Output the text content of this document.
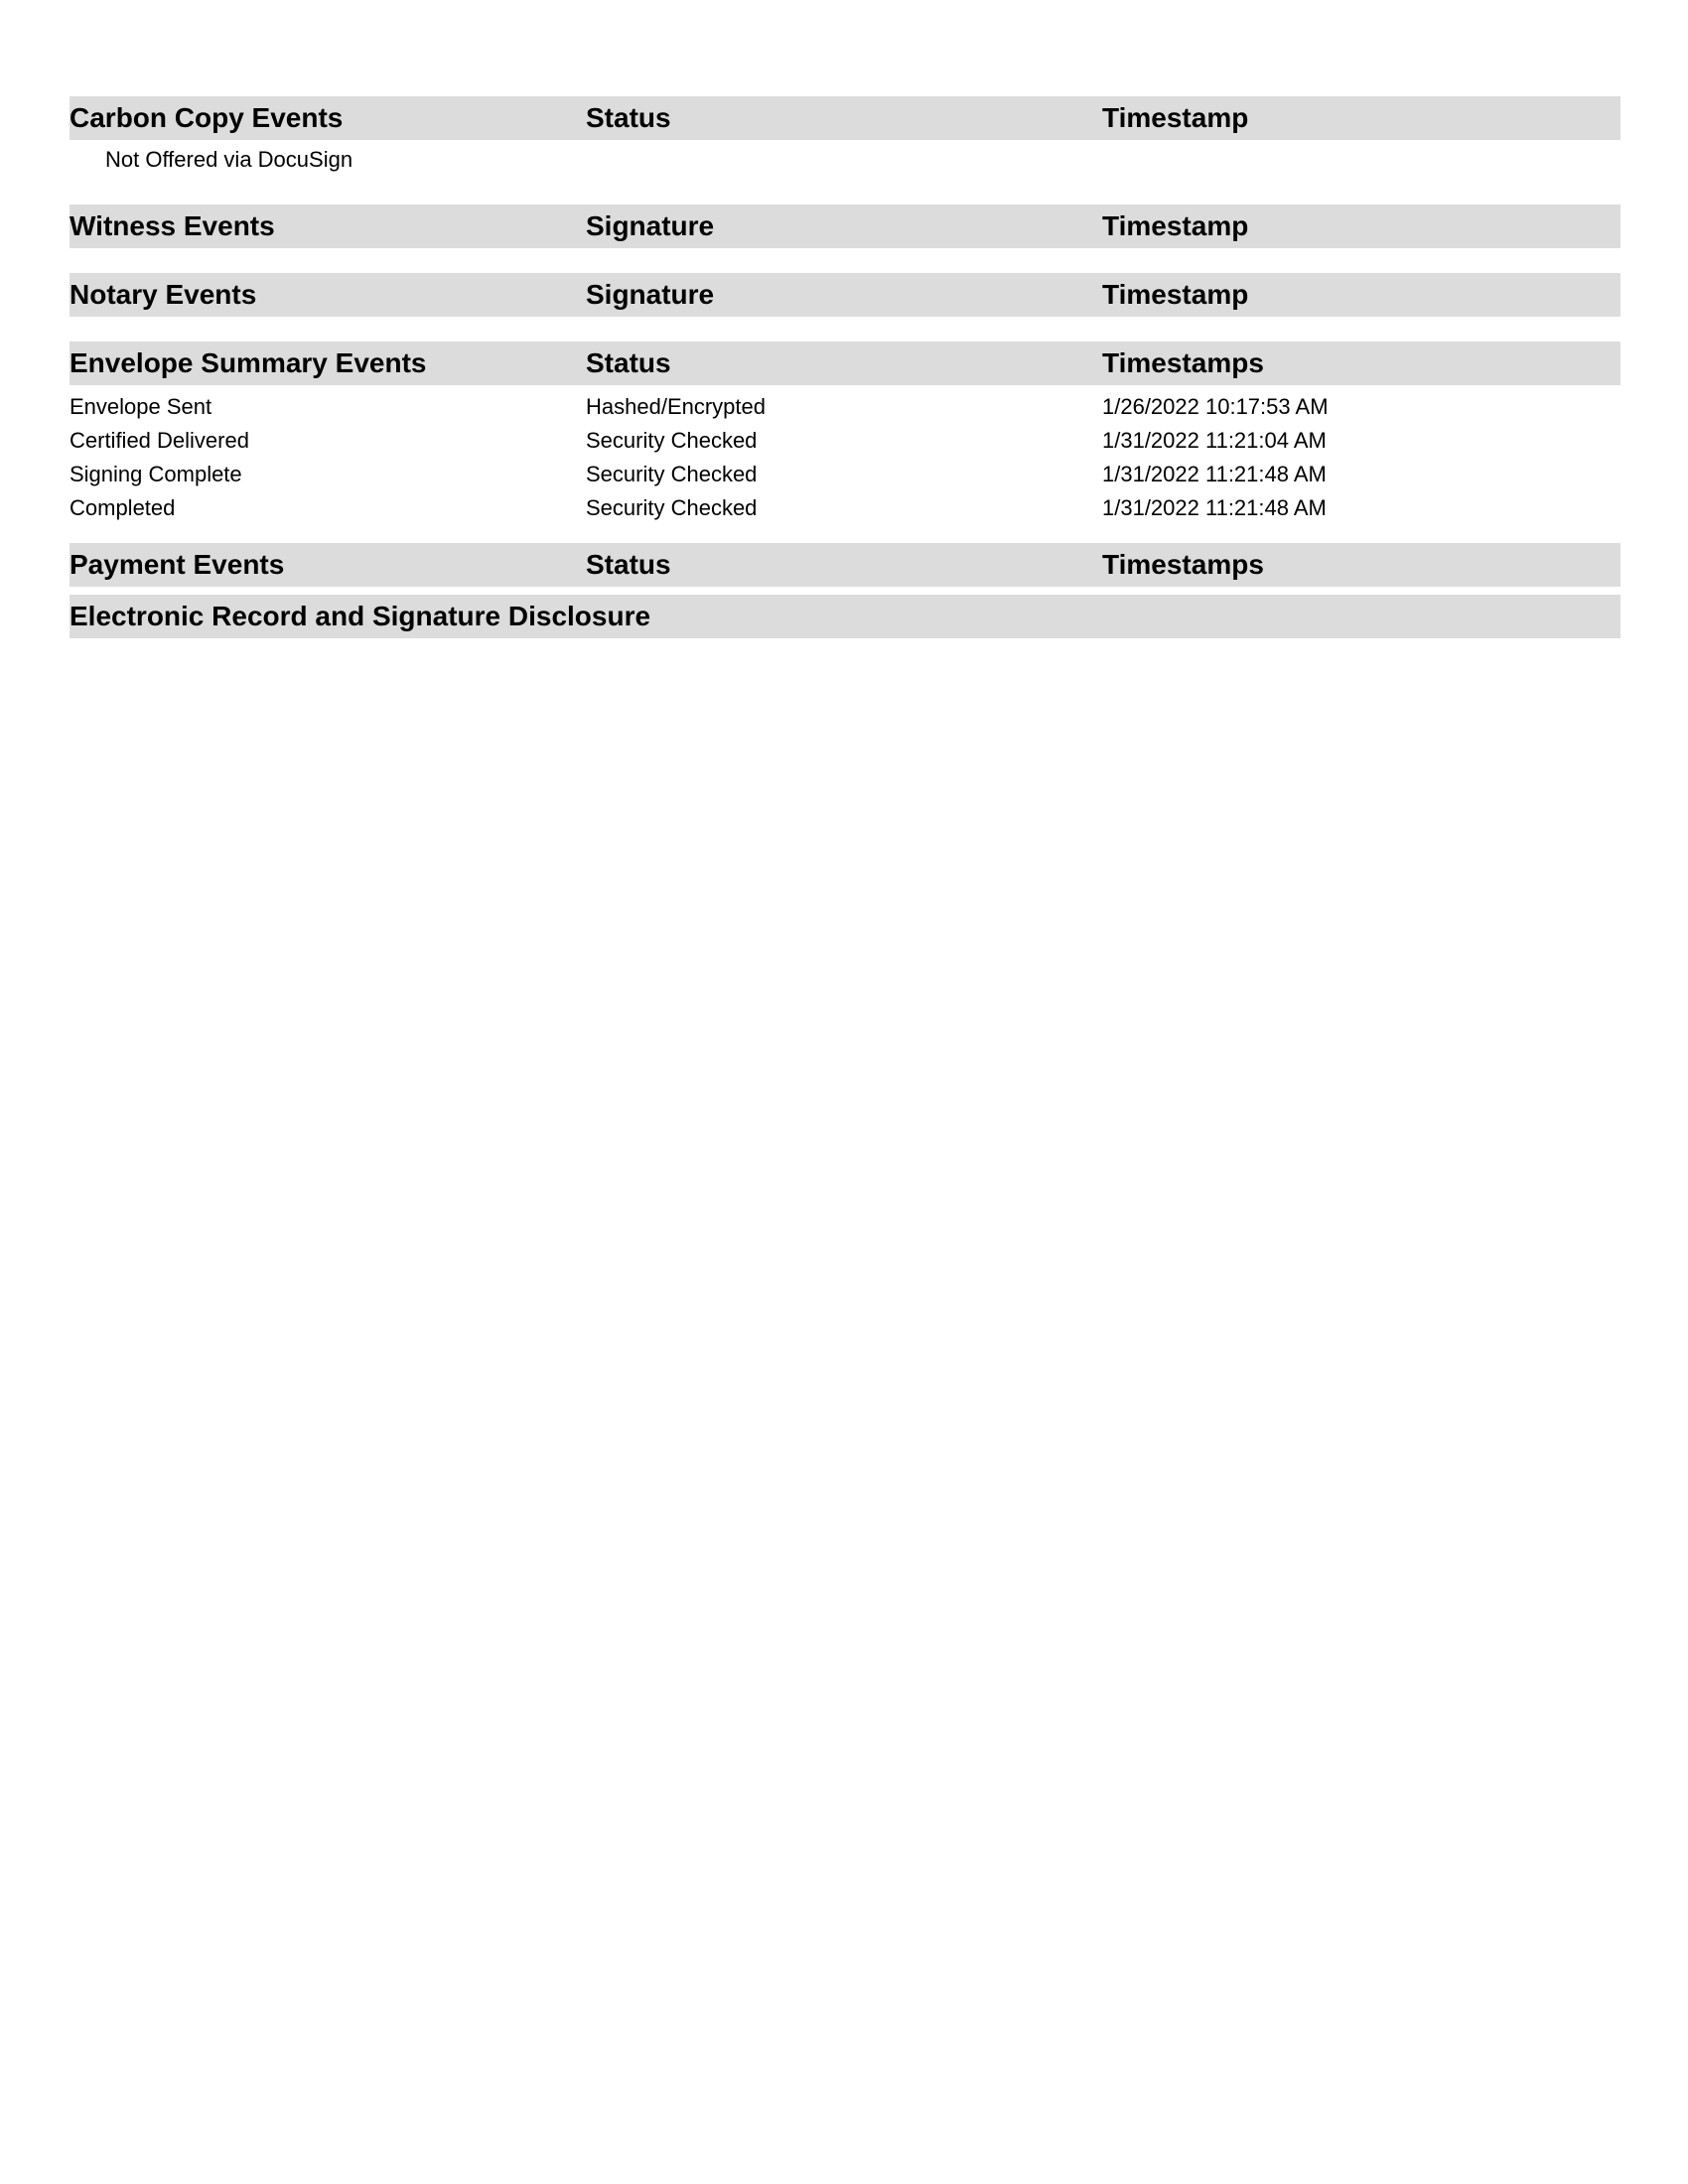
Carbon Copy Events	Status	Timestamp
Not Offered via DocuSign
Witness Events	Signature	Timestamp
Notary Events	Signature	Timestamp
Envelope Summary Events	Status	Timestamps
Envelope Sent	Hashed/Encrypted	1/26/2022 10:17:53 AM
Certified Delivered	Security Checked	1/31/2022 11:21:04 AM
Signing Complete	Security Checked	1/31/2022 11:21:48 AM
Completed	Security Checked	1/31/2022 11:21:48 AM
Payment Events	Status	Timestamps
Electronic Record and Signature Disclosure
